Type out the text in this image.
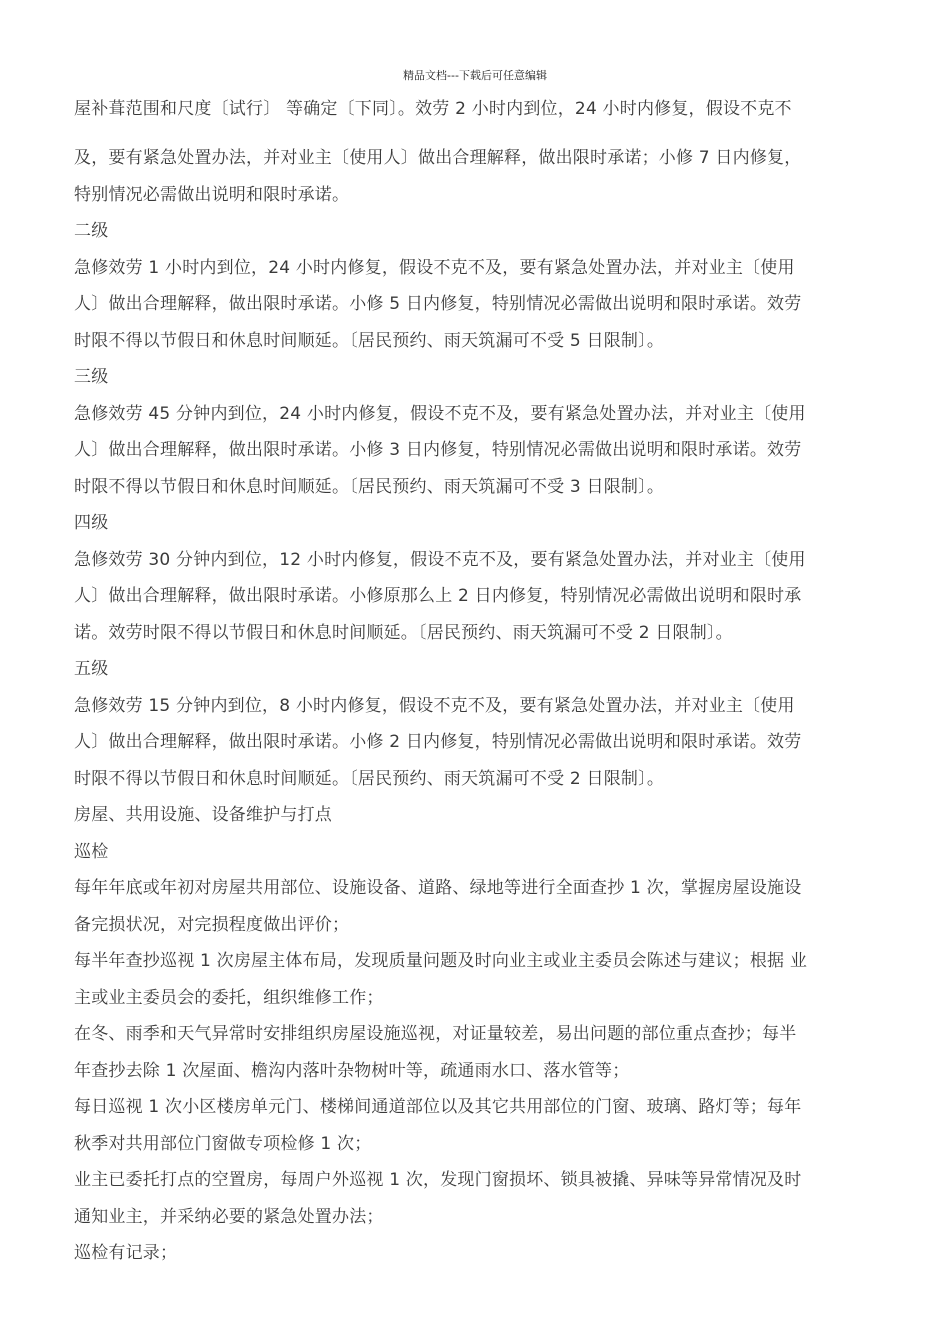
精品文档---下载后可任意编辑
屋补葺范围和尺度〔试行〕 等确定〔下同〕。效劳 2 小时内到位，24 小时内修复，假设不克不
及，要有紧急处置办法，并对业主〔使用人〕做出合理解释，做出限时承诺；小修 7 日内修复，
特别情况必需做出说明和限时承诺。
二级
急修效劳 1 小时内到位，24 小时内修复，假设不克不及，要有紧急处置办法，并对业主〔使用
人〕做出合理解释，做出限时承诺。小修 5 日内修复，特别情况必需做出说明和限时承诺。效劳
时限不得以节假日和休息时间顺延。〔居民预约、雨天筑漏可不受 5 日限制〕。
三级
急修效劳 45 分钟内到位，24 小时内修复，假设不克不及，要有紧急处置办法，并对业主〔使用
人〕做出合理解释，做出限时承诺。小修 3 日内修复，特别情况必需做出说明和限时承诺。效劳
时限不得以节假日和休息时间顺延。〔居民预约、雨天筑漏可不受 3 日限制〕。
四级
急修效劳 30 分钟内到位，12 小时内修复，假设不克不及，要有紧急处置办法，并对业主〔使用
人〕做出合理解释，做出限时承诺。小修原那么上 2 日内修复，特别情况必需做出说明和限时承
诺。效劳时限不得以节假日和休息时间顺延。〔居民预约、雨天筑漏可不受 2 日限制〕。
五级
急修效劳 15 分钟内到位，8 小时内修复，假设不克不及，要有紧急处置办法，并对业主〔使用
人〕做出合理解释，做出限时承诺。小修 2 日内修复，特别情况必需做出说明和限时承诺。效劳
时限不得以节假日和休息时间顺延。〔居民预约、雨天筑漏可不受 2 日限制〕。
房屋、共用设施、设备维护与打点
巡检
每年年底或年初对房屋共用部位、设施设备、道路、绿地等进行全面查抄 1 次，掌握房屋设施设
备完损状况，对完损程度做出评价；
每半年查抄巡视 1 次房屋主体布局，发现质量问题及时向业主或业主委员会陈述与建议；根据 业
主或业主委员会的委托，组织维修工作；
在冬、雨季和天气异常时安排组织房屋设施巡视，对证量较差，易出问题的部位重点查抄；每半
年查抄去除 1 次屋面、檐沟内落叶杂物树叶等，疏通雨水口、落水管等；
每日巡视 1 次小区楼房单元门、楼梯间通道部位以及其它共用部位的门窗、玻璃、路灯等；每年
秋季对共用部位门窗做专项检修 1 次；
业主已委托打点的空置房，每周户外巡视 1 次，发现门窗损坏、锁具被撬、异味等异常情况及时
通知业主，并采纳必要的紧急处置办法；
巡检有记录；
